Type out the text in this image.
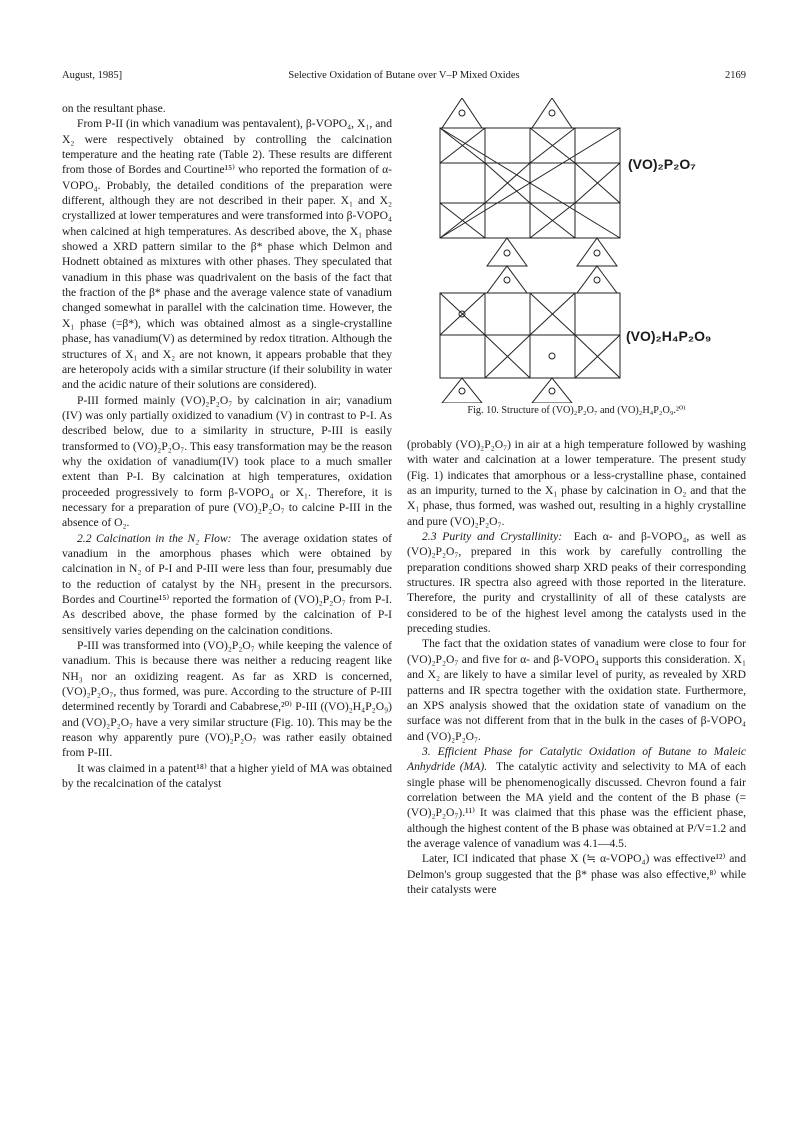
August, 1985]	Selective Oxidation of Butane over V–P Mixed Oxides	2169

on the resultant phase.

From P-II (in which vanadium was pentavalent), β-VOPO₄, X₁, and X₂ were respectively obtained by controlling the calcination temperature and the heating rate (Table 2). These results are different from those of Bordes and Courtine¹⁵⁾ who reported the formation of α-VOPO₄. Probably, the detailed conditions of the preparation were different, although they are not described in their paper. X₁ and X₂ crystallized at lower temperatures and were transformed into β-VOPO₄ when calcined at high temperatures. As described above, the X₁ phase showed a XRD pattern similar to the β* phase which Delmon and Hodnett obtained as mixtures with other phases. They speculated that vanadium in this phase was quadrivalent on the basis of the fact that the fraction of the β* phase and the average valence state of vanadium changed somewhat in parallel with the calcination time. However, the X₁ phase (=β*), which was obtained almost as a single-crystalline phase, has vanadium(V) as determined by redox titration. Although the structures of X₁ and X₂ are not known, it appears probable that they are heteropoly acids with a similar structure (if their solubility in water and the acidic nature of their solutions are considered).

P-III formed mainly (VO)₂P₂O₇ by calcination in air; vanadium (IV) was only partially oxidized to vanadium (V) in contrast to P-I. As described below, due to a similarity in structure, P-III is easily transformed to (VO)₂P₂O₇. This easy transformation may be the reason why the oxidation of vanadium(IV) took place to a much smaller extent than P-I. By calcination at high temperatures, oxidation proceeded progressively to form β-VOPO₄ or X₁. Therefore, it is necessary for a preparation of pure (VO)₂P₂O₇ to calcine P-III in the absence of O₂.

2.2 Calcination in the N₂ Flow: The average oxidation states of vanadium in the amorphous phases which were obtained by calcination in N₂ of P-I and P-III were less than four, presumably due to the reduction of catalyst by the NH₃ present in the precursors. Bordes and Courtine¹⁵⁾ reported the formation of (VO)₂P₂O₇ from P-I. As described above, the phase formed by the calcination of P-I sensitively varies depending on the calcination conditions.

P-III was transformed into (VO)₂P₂O₇ while keeping the valence of vanadium. This is because there was neither a reducing reagent like NH₃ nor an oxidizing reagent. As far as XRD is concerned, (VO)₂P₂O₇, thus formed, was pure. According to the structure of P-III determined recently by Torardi and Cababrese,²⁰⁾ P-III ((VO)₂H₄P₂O₉) and (VO)₂P₂O₇ have a very similar structure (Fig. 10). This may be the reason why apparently pure (VO)₂P₂O₇ was rather easily obtained from P-III.

It was claimed in a patent¹⁸⁾ that a higher yield of MA was obtained by the recalcination of the catalyst

(VO)₂P₂O₇
(VO)₂H₄P₂O₉
Fig. 10. Structure of (VO)₂P₂O₇ and (VO)₂H₄P₂O₉.²⁰⁾

(probably (VO)₂P₂O₇) in air at a high temperature followed by washing with water and calcination at a lower temperature. The present study (Fig. 1) indicates that amorphous or a less-crystalline phase, contained as an impurity, turned to the X₁ phase by calcination in O₂ and that the X₁ phase, thus formed, was washed out, resulting in a highly crystalline and pure (VO)₂P₂O₇.

2.3 Purity and Crystallinity: Each α- and β-VOPO₄, as well as (VO)₂P₂O₇, prepared in this work by carefully controlling the preparation conditions showed sharp XRD peaks of their corresponding structures. IR spectra also agreed with those reported in the literature. Therefore, the purity and crystallinity of all of these catalysts are considered to be of the highest level among the catalysts used in the preceding studies.

The fact that the oxidation states of vanadium were close to four for (VO)₂P₂O₇ and five for α- and β-VOPO₄ supports this consideration. X₁ and X₂ are likely to have a similar level of purity, as revealed by XRD patterns and IR spectra together with the oxidation state. Furthermore, an XPS analysis showed that the oxidation state of vanadium on the surface was not different from that in the bulk in the cases of β-VOPO₄ and (VO)₂P₂O₇.

3. Efficient Phase for Catalytic Oxidation of Butane to Maleic Anhydride (MA). The catalytic activity and selectivity to MA of each single phase will be phenomenogically discussed. Chevron found a fair correlation between the MA yield and the content of the B phase (=(VO)₂P₂O₇).¹¹⁾ It was claimed that this phase was the efficient phase, although the highest content of the B phase was obtained at P/V=1.2 and the average valence of vanadium was 4.1—4.5.

Later, ICI indicated that phase X (≒ α-VOPO₄) was effective¹²⁾ and Delmon's group suggested that the β* phase was also effective,⁸⁾ while their catalysts were
